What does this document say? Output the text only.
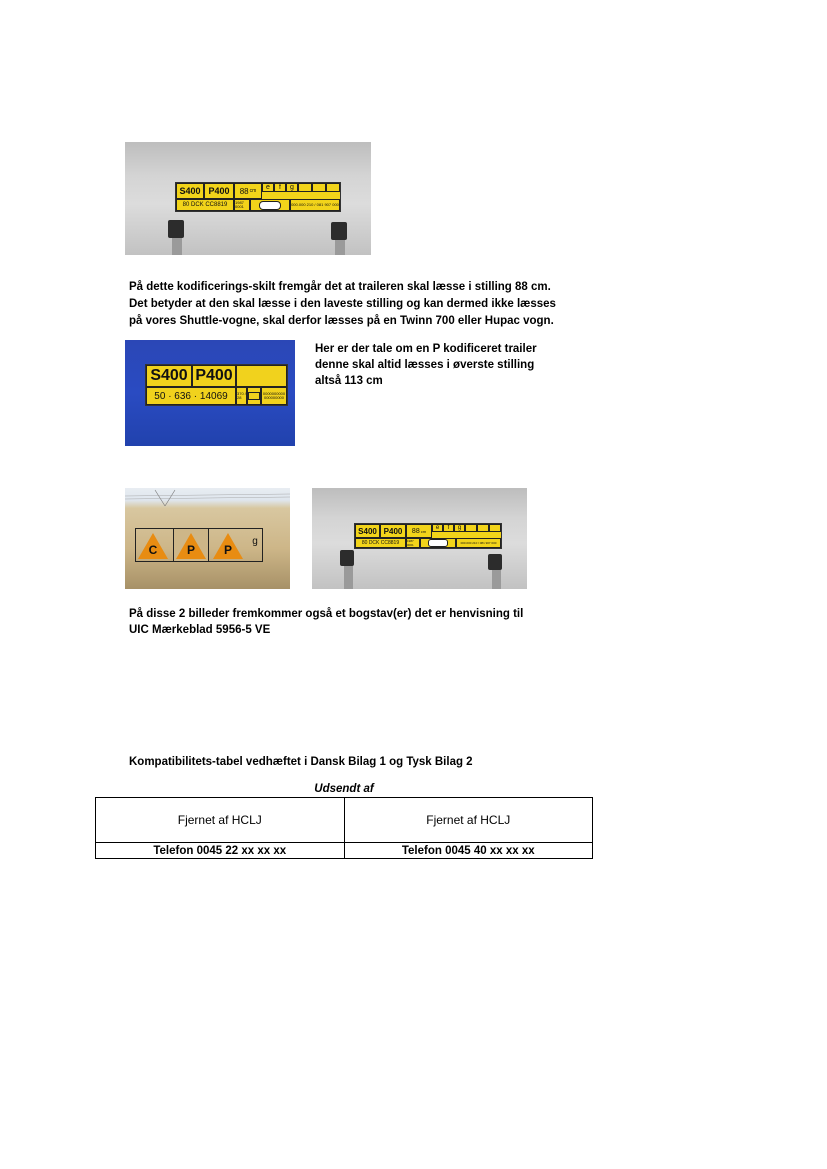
S400 P400	88 cm	e	f	g
80 DCK CC8819	1987 0001	000.000 210 / 081 907 000

På dette kodificerings-skilt fremgår det at traileren skal læsse i stilling 88 cm.
Det betyder at den skal læsse i den laveste stilling og kan dermed ikke læsses
på vores Shuttle-vogne, skal derfor læsses på en Twinn 700 eller Hupac vogn.

S400 P400
50 · 636 · 14069	370 / 28
0000000000
000000000

Her er der tale om en P kodificeret trailer
denne skal altid læsses i øverste stilling
altså 113 cm

C	P	P
g
S400 P400	88 cm	e	f	g
80 DCK CC8819	1987 0001	000.000 210 / 081 907 000

På disse 2 billeder fremkommer også et bogstav(er) det er henvisning til
UIC Mærkeblad 5956-5 VE

Kompatibilitets-tabel vedhæftet i Dansk Bilag 1 og Tysk Bilag 2

Udsendt af
Fjernet af HCLJ	Fjernet af HCLJ
Telefon 0045 22 xx xx xx	Telefon 0045 40 xx xx xx
